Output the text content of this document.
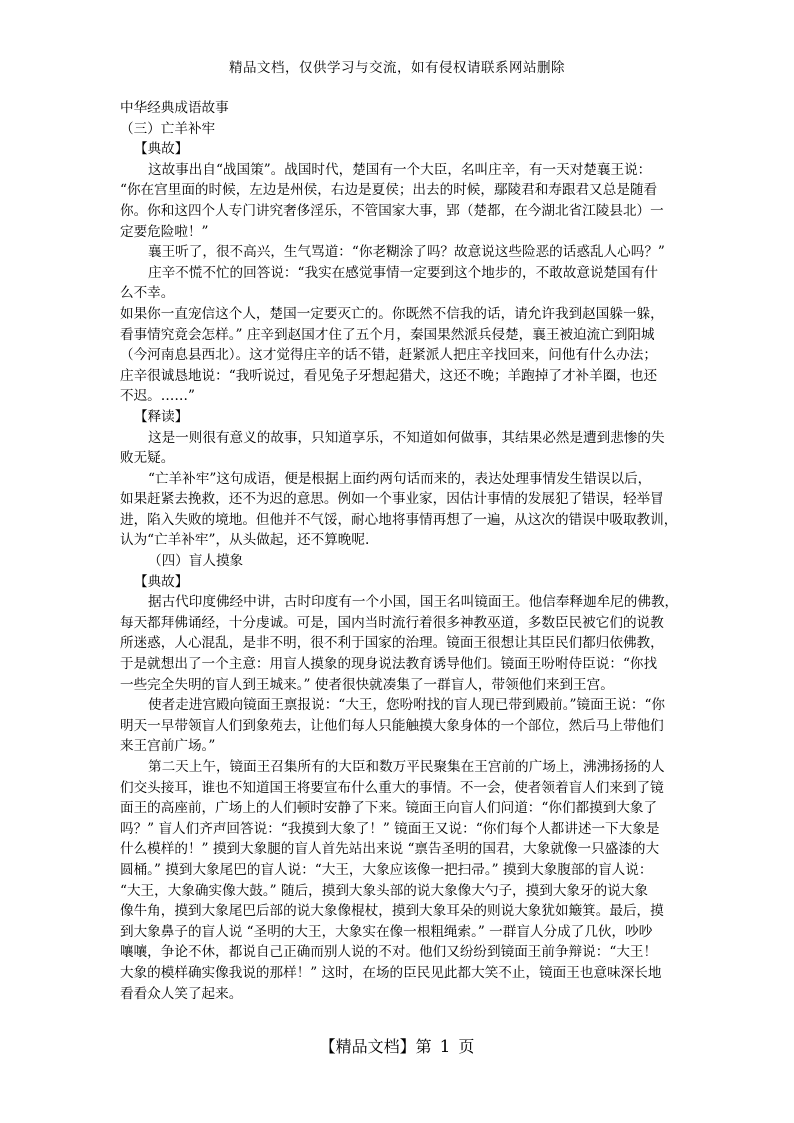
精品文档，仅供学习与交流，如有侵权请联系网站删除
中华经典成语故事
（三）亡羊补牢
【典故】
这故事出自“战国策”。战国时代，楚国有一个大臣，名叫庄辛，有一天对楚襄王说：
“你在宫里面的时候，左边是州侯，右边是夏侯；出去的时候，鄢陵君和寿跟君又总是随看
你。你和这四个人专门讲究奢侈淫乐，不管国家大事，郢（楚都，在今湖北省江陵县北）一
定要危险啦！”
襄王听了，很不高兴，生气骂道：“你老糊涂了吗？故意说这些险恶的话惑乱人心吗？”
庄辛不慌不忙的回答说：“我实在感觉事情一定要到这个地步的，不敢故意说楚国有什
么不幸。
如果你一直宠信这个人，楚国一定要灭亡的。你既然不信我的话，请允许我到赵国躲一躲，
看事情究竟会怎样。” 庄辛到赵国才住了五个月，秦国果然派兵侵楚，襄王被迫流亡到阳城
（今河南息县西北）。这才觉得庄辛的话不错，赶紧派人把庄辛找回来，问他有什么办法；
庄辛很诚恳地说：“我听说过，看见兔子牙想起猎犬，这还不晚；羊跑掉了才补羊圈，也还
不迟。……”
【释读】
这是一则很有意义的故事，只知道享乐，不知道如何做事，其结果必然是遭到悲惨的失
败无疑。
“亡羊补牢”这句成语，便是根据上面约两句话而来的，表达处理事情发生错误以后，
如果赶紧去挽救，还不为迟的意思。例如一个事业家，因估计事情的发展犯了错误，轻举冒
进，陷入失败的境地。但他并不气馁，耐心地将事情再想了一遍，从这次的错误中吸取教训，
认为“亡羊补牢”，从头做起，还不算晚呢.
（四）盲人摸象
【典故】
据古代印度佛经中讲，古时印度有一个小国，国王名叫镜面王。他信奉释迦牟尼的佛教，
每天都拜佛诵经，十分虔诚。可是，国内当时流行着很多神教巫道，多数臣民被它们的说教
所迷惑，人心混乱，是非不明，很不利于国家的治理。镜面王很想让其臣民们都归依佛教，
于是就想出了一个主意：用盲人摸象的现身说法教育诱导他们。镜面王吩咐侍臣说：“你找
一些完全失明的盲人到王城来。” 使者很快就凑集了一群盲人，带领他们来到王宫。
使者走进宫殿向镜面王禀报说：“大王，您吩咐找的盲人现已带到殿前。”镜面王说：“你
明天一早带领盲人们到象苑去，让他们每人只能触摸大象身体的一个部位，然后马上带他们
来王宫前广场。”
第二天上午，镜面王召集所有的大臣和数万平民聚集在王宫前的广场上，沸沸扬扬的人
们交头接耳，谁也不知道国王将要宣布什么重大的事情。不一会，使者领着盲人们来到了镜
面王的高座前，广场上的人们顿时安静了下来。镜面王向盲人们问道：“你们都摸到大象了
吗？” 盲人们齐声回答说：“我摸到大象了！” 镜面王又说：“你们每个人都讲述一下大象是
什么模样的！” 摸到大象腿的盲人首先站出来说 “禀告圣明的国君，大象就像一只盛漆的大
圆桶。” 摸到大象尾巴的盲人说：“大王，大象应该像一把扫帚。” 摸到大象腹部的盲人说：
“大王，大象确实像大鼓。” 随后，摸到大象头部的说大象像大勺子，摸到大象牙的说大象
像牛角，摸到大象尾巴后部的说大象像棍杖，摸到大象耳朵的则说大象犹如簸箕。最后，摸
到大象鼻子的盲人说 “圣明的大王，大象实在像一根粗绳索。” 一群盲人分成了几伙，吵吵
嚷嚷，争论不休，都说自己正确而别人说的不对。他们又纷纷到镜面王前争辩说：“大王！
大象的模样确实像我说的那样！” 这时，在场的臣民见此都大笑不止，镜面王也意味深长地
看看众人笑了起来。
【精品文档】第 1 页
